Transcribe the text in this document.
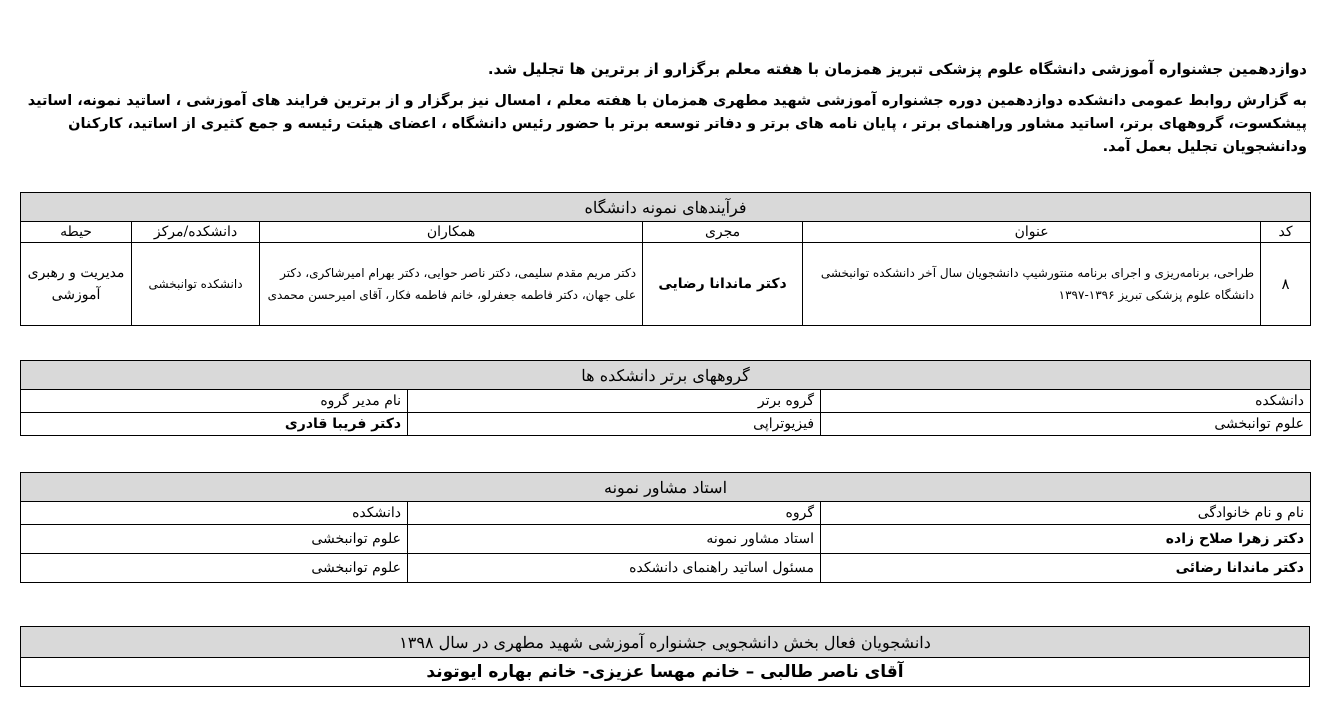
دوازدهمین جشنواره آموزشی دانشگاه علوم پزشکی تبریز همزمان با هفته معلم برگزارو از برترین ها تجلیل شد.
به گزارش روابط عمومی دانشکده دوازدهمین دوره جشنواره آموزشی شهید مطهری همزمان با هفته معلم ، امسال نیز برگزار و از برترین فرایند های آموزشی ، اساتید نمونه، اساتید پیشکسوت، گروههای برتر، اساتید مشاور وراهنمای برتر ، پایان نامه های برتر و دفاتر توسعه برتر با حضور رئیس دانشگاه ، اعضای هیئت رئیسه و جمع کثیری از اساتید، کارکنان ودانشجویان تجلیل بعمل آمد.
فرآیندهای نمونه دانشگاه					
کد	عنوان	مجری	همکاران	دانشکده/مرکز	حیطه
۸	طراحی، برنامه‌ریزی و اجرای برنامه منتورشیپ دانشجویان سال آخر دانشکده توانبخشی دانشگاه علوم پزشکی تبریز ۱۳۹۶-۱۳۹۷	دکتر ماندانا رضایی	دکتر مریم مقدم سلیمی، دکتر ناصر حوایی، دکتر بهرام امیرشاکری، دکتر علی جهان، دکتر فاطمه جعفرلو، خانم فاطمه فکار، آقای امیرحسن محمدی	دانشکده توانبخشی	مدیریت و رهبری آموزشی
گروههای برتر دانشکده ها		
دانشکده	گروه برتر	نام مدیر گروه
علوم توانبخشی	فیزیوتراپی	دکتر فریبا قادری
استاد مشاور نمونه		
نام و نام خانوادگی	گروه	دانشکده
دکتر زهرا صلاح زاده	استاد مشاور نمونه	علوم توانبخشی
دکتر ماندانا رضائی	مسئول اساتید راهنمای دانشکده	علوم توانبخشی
دانشجویان فعال بخش دانشجویی جشنواره آموزشی شهید مطهری در سال ۱۳۹۸
آقای ناصر طالبی – خانم مهسا عزیزی- خانم بهاره ایوتوند
